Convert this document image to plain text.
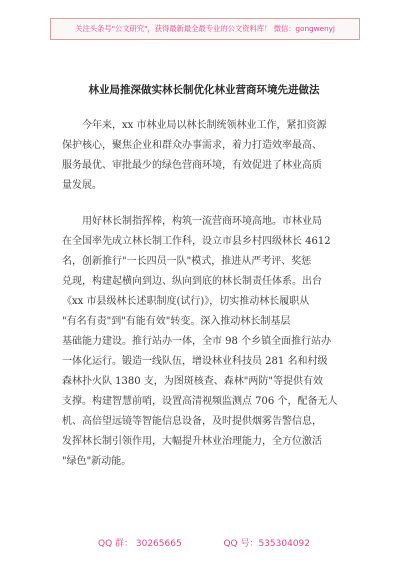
关注头条号"公文研究"，获得最新最全最专业的公文资料库！ 微信：gongwenyj
林业局推深做实林长制优化林业营商环境先进做法
今年来，xx 市林业局以林长制统领林业工作，紧扣资源
保护核心，聚焦企业和群众办事需求，着力打造效率最高、
服务最优、审批最少的绿色营商环境，有效促进了林业高质
量发展。
用好林长制指挥棒，构筑一流营商环境高地。市林业局
在全国率先成立林长制工作科，设立市县乡村四级林长 4612
名，创新推行"一长四员一队"模式，推进从严考评、奖惩
兑现，构建起横向到边、纵向到底的林长制责任体系。出台
《xx 市县级林长述职制度(试行)》，切实推动林长履职从
"有名有责"到"有能有效"转变。深入推动林长制基层
基础能力建设。推行站办一体，全市 98 个乡镇全面推行站办
一体化运行。锻造一线队伍，增设林业科技员 281 名和村级
森林扑火队 1380 支，为图斑核查、森林"两防"等提供有效
支撑。构建智慧前哨，设置高清视频监测点 706 个，配备无人
机、高倍望远镜等智能信息设备，及时提供烟雾告警信息，
发挥林长制引领作用，大幅提升林业治理能力，全方位激活
"绿色"新动能。
QQ 群： 30265665	QQ 号：535304092
